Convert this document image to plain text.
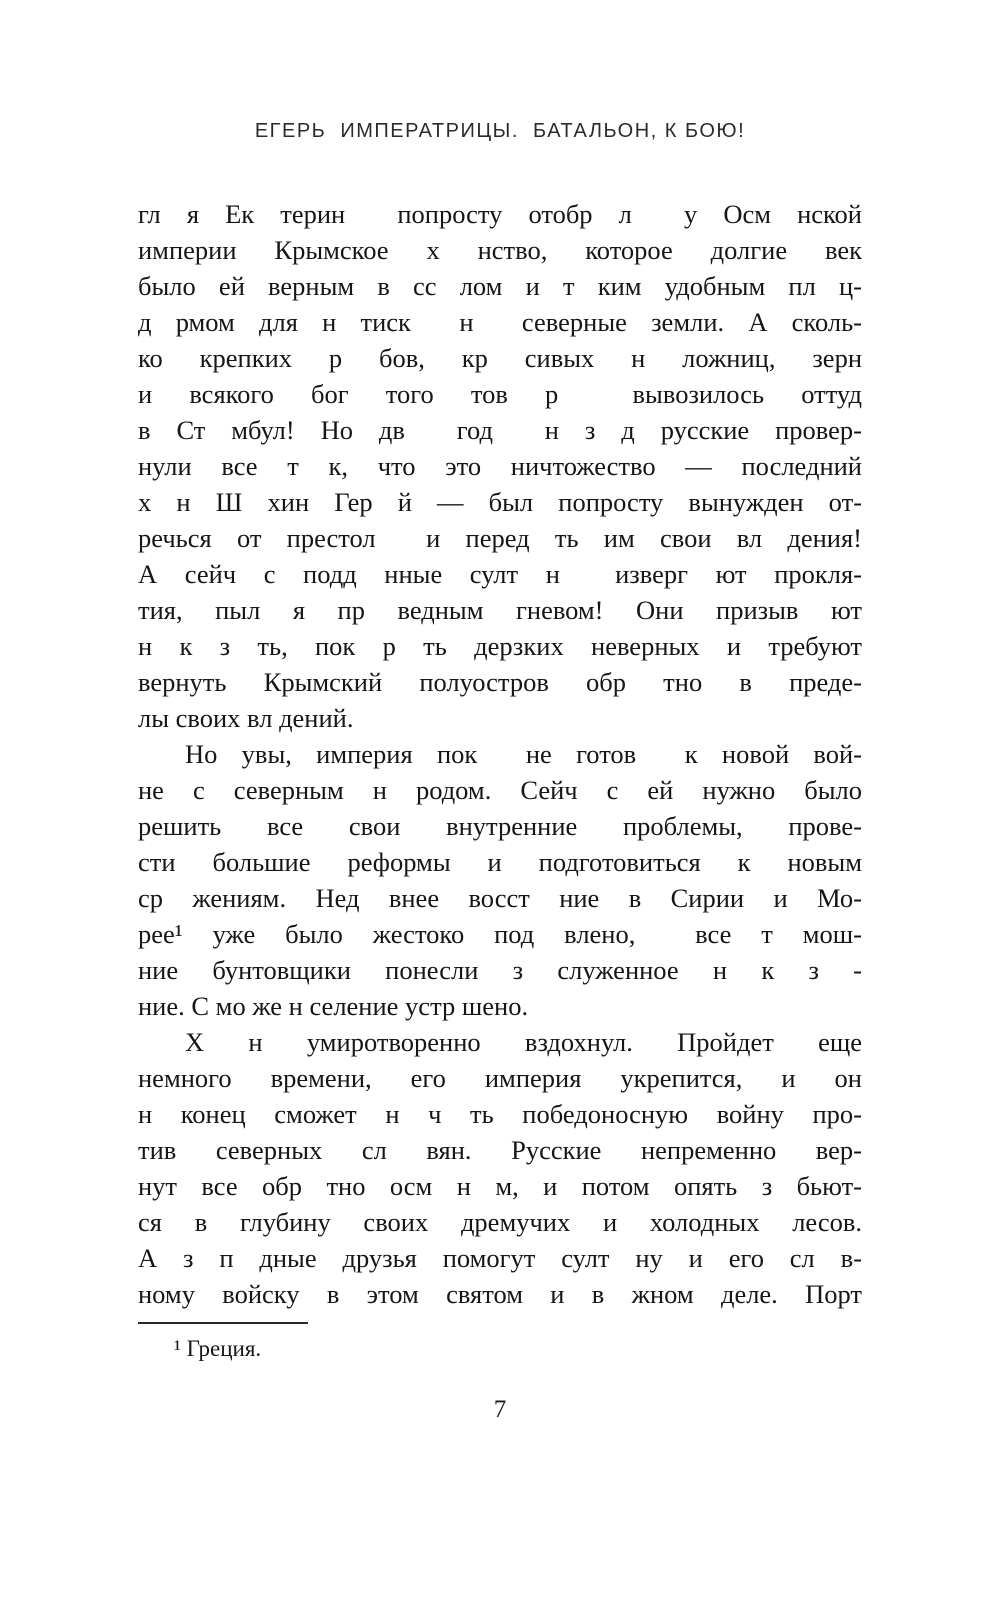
ЕГЕРЬ  ИМПЕРАТРИЦЫ.  БАТАЛЬОН, К БОЮ!
гл я Ек терин  попросту отобр л  у Осм нской
империи Крымское х нство, которое долгие век
было ей верным в сс лом и т ким удобным пл ц-
д рмом для н тиск  н  северные земли. А сколь-
ко крепких р бов, кр сивых н ложниц, зерн
и всякого бог того тов р  вывозилось оттуд
в Ст мбул! Но дв  год  н з д русские провер-
нули все т к, что это ничтожество — последний
х н Ш хин Гер й — был попросту вынужден от-
речься от престол  и перед ть им свои вл дения!
А сейч с подд нные султ н  изверг ют прокля-
тия, пыл я пр ведным гневом! Они призыв ют
н к з ть, пок р ть дерзких неверных и требуют
вернуть Крымский полуостров обр тно в преде-
лы своих вл дений.
Но увы, империя пок  не готов  к новой вой-
не с северным н родом. Сейч с ей нужно было
решить все свои внутренние проблемы, прове-
сти большие реформы и подготовиться к новым
ср жениям. Нед внее восст ние в Сирии и Мо-
рее¹ уже было жестоко под влено,  все т мош-
ние бунтовщики понесли з служенное н к з -
ние. С мо же н селение устр шено.
Х н умиротворенно вздохнул. Пройдет еще
немного времени, его империя укрепится, и он
н конец сможет н ч ть победоносную войну про-
тив северных сл вян. Русские непременно вер-
нут все обр тно осм н м, и потом опять з бьют-
ся в глубину своих дремучих и холодных лесов.
А з п дные друзья помогут султ ну и его сл в-
ному войску в этом святом и в жном деле. Порт
¹ Греция.
7
